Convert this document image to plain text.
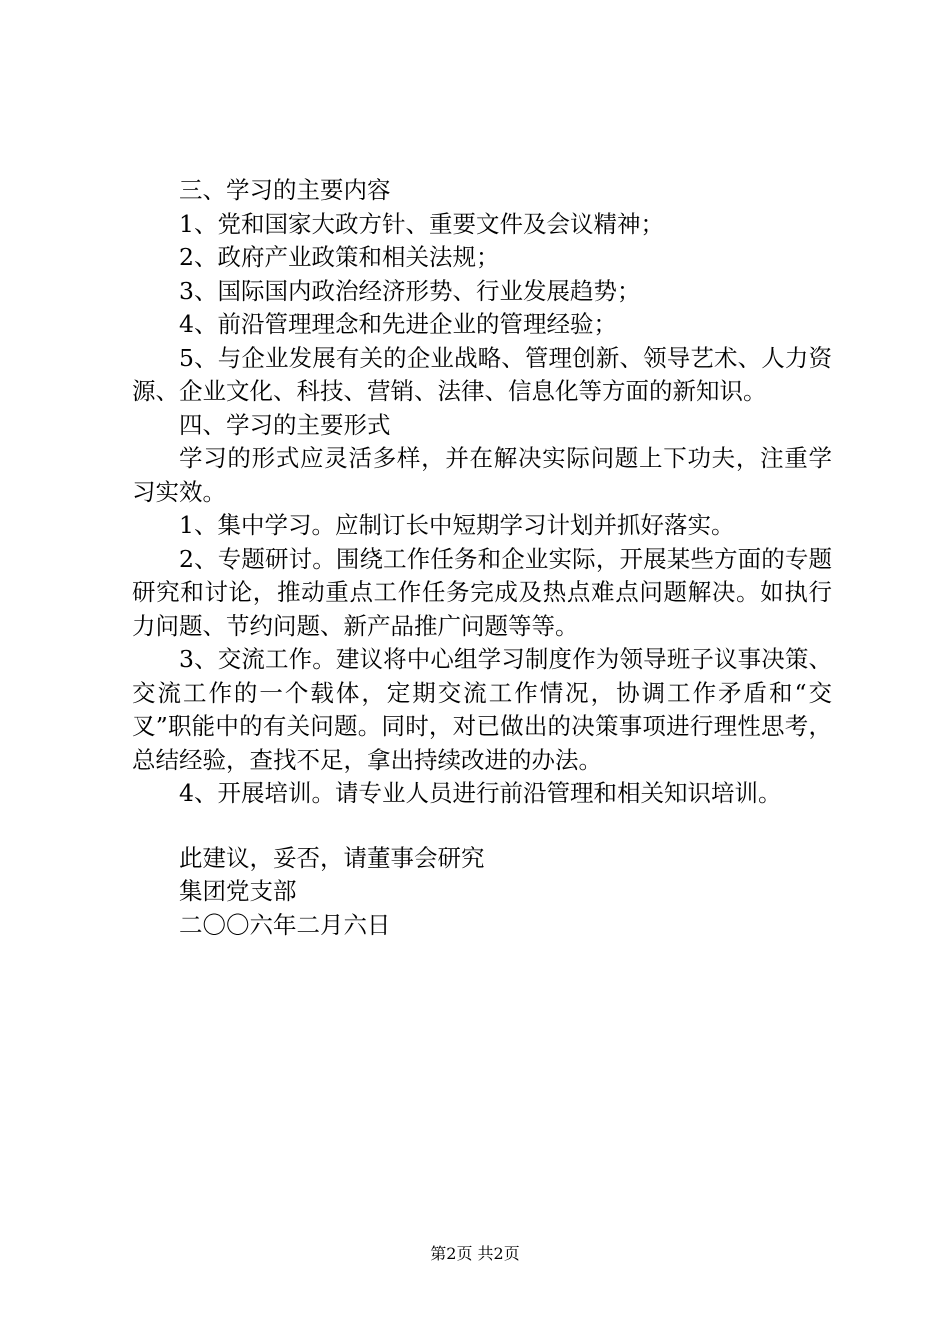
三、学习的主要内容
1、党和国家大政方针、重要文件及会议精神；
2、政府产业政策和相关法规；
3、国际国内政治经济形势、行业发展趋势；
4、前沿管理理念和先进企业的管理经验；
5、与企业发展有关的企业战略、管理创新、领导艺术、人力资源、企业文化、科技、营销、法律、信息化等方面的新知识。
四、学习的主要形式
学习的形式应灵活多样，并在解决实际问题上下功夫，注重学习实效。
1、集中学习。应制订长中短期学习计划并抓好落实。
2、专题研讨。围绕工作任务和企业实际，开展某些方面的专题研究和讨论，推动重点工作任务完成及热点难点问题解决。如执行力问题、节约问题、新产品推广问题等等。
3、交流工作。建议将中心组学习制度作为领导班子议事决策、交流工作的一个载体，定期交流工作情况，协调工作矛盾和“交叉”职能中的有关问题。同时，对已做出的决策事项进行理性思考，总结经验，查找不足，拿出持续改进的办法。
4、开展培训。请专业人员进行前沿管理和相关知识培训。
此建议，妥否，请董事会研究
集团党支部
二〇〇六年二月六日
第2页 共2页
